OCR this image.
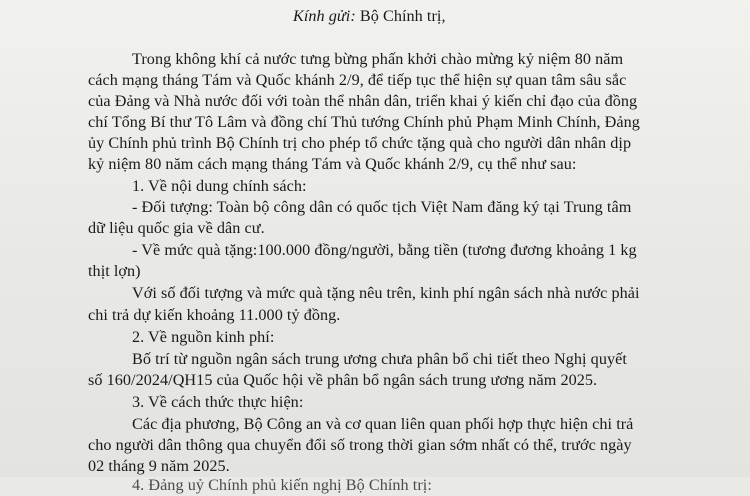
Kính gửi: Bộ Chính trị,
Trong không khí cả nước tưng bừng phấn khởi chào mừng kỷ niệm 80 năm
cách mạng tháng Tám và Quốc khánh 2/9, để tiếp tục thể hiện sự quan tâm sâu sắc
của Đảng và Nhà nước đối với toàn thể nhân dân, triển khai ý kiến chỉ đạo của đồng
chí Tổng Bí thư Tô Lâm và đồng chí Thủ tướng Chính phủ Phạm Minh Chính, Đảng
ủy Chính phủ trình Bộ Chính trị cho phép tổ chức tặng quà cho người dân nhân dịp
kỷ niệm 80 năm cách mạng tháng Tám và Quốc khánh 2/9, cụ thể như sau:
1. Về nội dung chính sách:
- Đối tượng: Toàn bộ công dân có quốc tịch Việt Nam đăng ký tại Trung tâm
dữ liệu quốc gia về dân cư.
- Về mức quà tặng:100.000 đồng/người, bằng tiền (tương đương khoảng 1 kg
thịt lợn)
Với số đối tượng và mức quà tặng nêu trên, kinh phí ngân sách nhà nước phải
chi trả dự kiến khoảng 11.000 tỷ đồng.
2. Về nguồn kinh phí:
Bố trí từ nguồn ngân sách trung ương chưa phân bổ chi tiết theo Nghị quyết
số 160/2024/QH15 của Quốc hội về phân bổ ngân sách trung ương năm 2025.
3. Về cách thức thực hiện:
Các địa phương, Bộ Công an và cơ quan liên quan phối hợp thực hiện chi trả
cho người dân thông qua chuyển đổi số trong thời gian sớm nhất có thể, trước ngày
02 tháng 9 năm 2025.
4. Đảng uỷ Chính phủ kiến nghị Bộ Chính trị:
